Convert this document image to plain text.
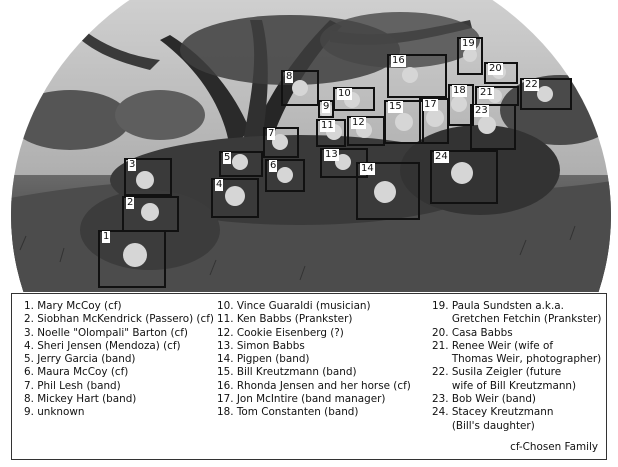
1
2
3
4
5
6
7
8
9
10
11 12
13
14
15
16
17
18
19
20
21
22
23
24
1. Mary McCoy (cf)
2. Siobhan McKendrick (Passero) (cf)
3. Noelle "Olompali" Barton (cf)
4. Sheri Jensen (Mendoza) (cf)
5. Jerry Garcia (band)
6. Maura McCoy (cf)
7. Phil Lesh (band)
8. Mickey Hart (band)
9. unknown
10. Vince Guaraldi (musician)
11. Ken Babbs (Prankster)
12. Cookie Eisenberg (?)
13. Simon Babbs
14. Pigpen (band)
15. Bill Kreutzmann (band)
16. Rhonda Jensen and her horse (cf)
17. Jon McIntire (band manager)
18. Tom Constanten (band)
19. Paula Sundsten a.k.a.
Gretchen Fetchin (Prankster)
20. Casa Babbs
21. Renee Weir (wife of
Thomas Weir, photographer)
22. Susila Zeigler (future
wife of Bill Kreutzmann)
23. Bob Weir (band)
24. Stacey Kreutzmann
(Bill's daughter)
cf-Chosen Family
